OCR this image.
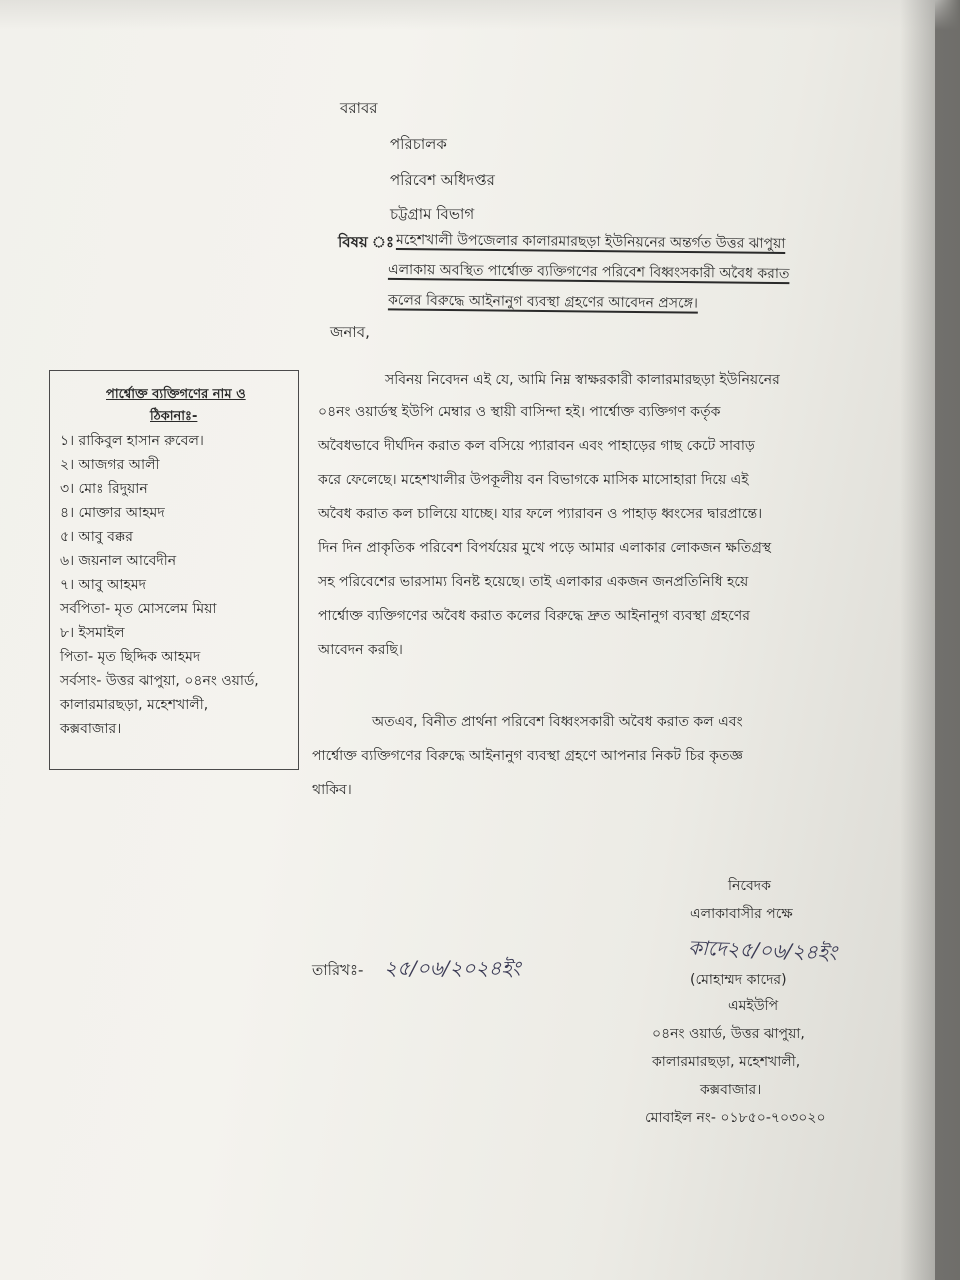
বরাবর
পরিচালক
পরিবেশ অধিদপ্তর
চট্টগ্রাম বিভাগ
বিষয় ঃ মহেশখালী উপজেলার কালারমারছড়া ইউনিয়নের অন্তর্গত উত্তর ঝাপুয়া
এলাকায় অবস্থিত পার্শ্বোক্ত ব্যক্তিগণের পরিবেশ বিধ্বংসকারী অবৈধ করাত
কলের বিরুদ্ধে আইনানুগ ব্যবস্থা গ্রহণের আবেদন প্রসঙ্গে।
জনাব,
সবিনয় নিবেদন এই যে, আমি নিম্ন স্বাক্ষরকারী কালারমারছড়া ইউনিয়নের
০৪নং ওয়ার্ডস্থ ইউপি মেম্বার ও স্থায়ী বাসিন্দা হই। পার্শ্বোক্ত ব্যক্তিগণ কর্তৃক
অবৈধভাবে দীর্ঘদিন করাত কল বসিয়ে প্যারাবন এবং পাহাড়ের গাছ কেটে সাবাড়
করে ফেলেছে। মহেশখালীর উপকূলীয় বন বিভাগকে মাসিক মাসোহারা দিয়ে এই
অবৈধ করাত কল চালিয়ে যাচ্ছে। যার ফলে প্যারাবন ও পাহাড় ধ্বংসের দ্বারপ্রান্তে।
দিন দিন প্রাকৃতিক পরিবেশ বিপর্যয়ের মুখে পড়ে আমার এলাকার লোকজন ক্ষতিগ্রস্থ
সহ পরিবেশের ভারসাম্য বিনষ্ট হয়েছে। তাই এলাকার একজন জনপ্রতিনিধি হয়ে
পার্শ্বোক্ত ব্যক্তিগণের অবৈধ করাত কলের বিরুদ্ধে দ্রুত আইনানুগ ব্যবস্থা গ্রহণের
আবেদন করছি।
অতএব, বিনীত প্রার্থনা পরিবেশ বিধ্বংসকারী অবৈধ করাত কল এবং
পার্শ্বোক্ত ব্যক্তিগণের বিরুদ্ধে আইনানুগ ব্যবস্থা গ্রহণে আপনার নিকট চির কৃতজ্ঞ
থাকিব।
নিবেদক
এলাকাবাসীর পক্ষে
কাদে২৫/০৬/২৪ইং
তারিখঃ- ২৫/০৬/২০২৪ইং	(মোহাম্মদ কাদের)
এমইউপি
০৪নং ওয়ার্ড, উত্তর ঝাপুয়া,
কালারমারছড়া, মহেশখালী,
কক্সবাজার।
মোবাইল নং- ০১৮৫০-৭০৩০২০
পার্শ্বোক্ত ব্যক্তিগণের নাম ও
ঠিকানাঃ-
১। রাকিবুল হাসান রুবেল।
২। আজগর আলী
৩। মোঃ রিদুয়ান
৪। মোক্তার আহমদ
৫। আবু বক্কর
৬। জয়নাল আবেদীন
৭। আবু আহমদ
সর্বপিতা- মৃত মোসলেম মিয়া
৮। ইসমাইল
পিতা- মৃত ছিদ্দিক আহমদ
সর্বসাং- উত্তর ঝাপুয়া, ০৪নং ওয়ার্ড,
কালারমারছড়া, মহেশখালী,
কক্সবাজার।
